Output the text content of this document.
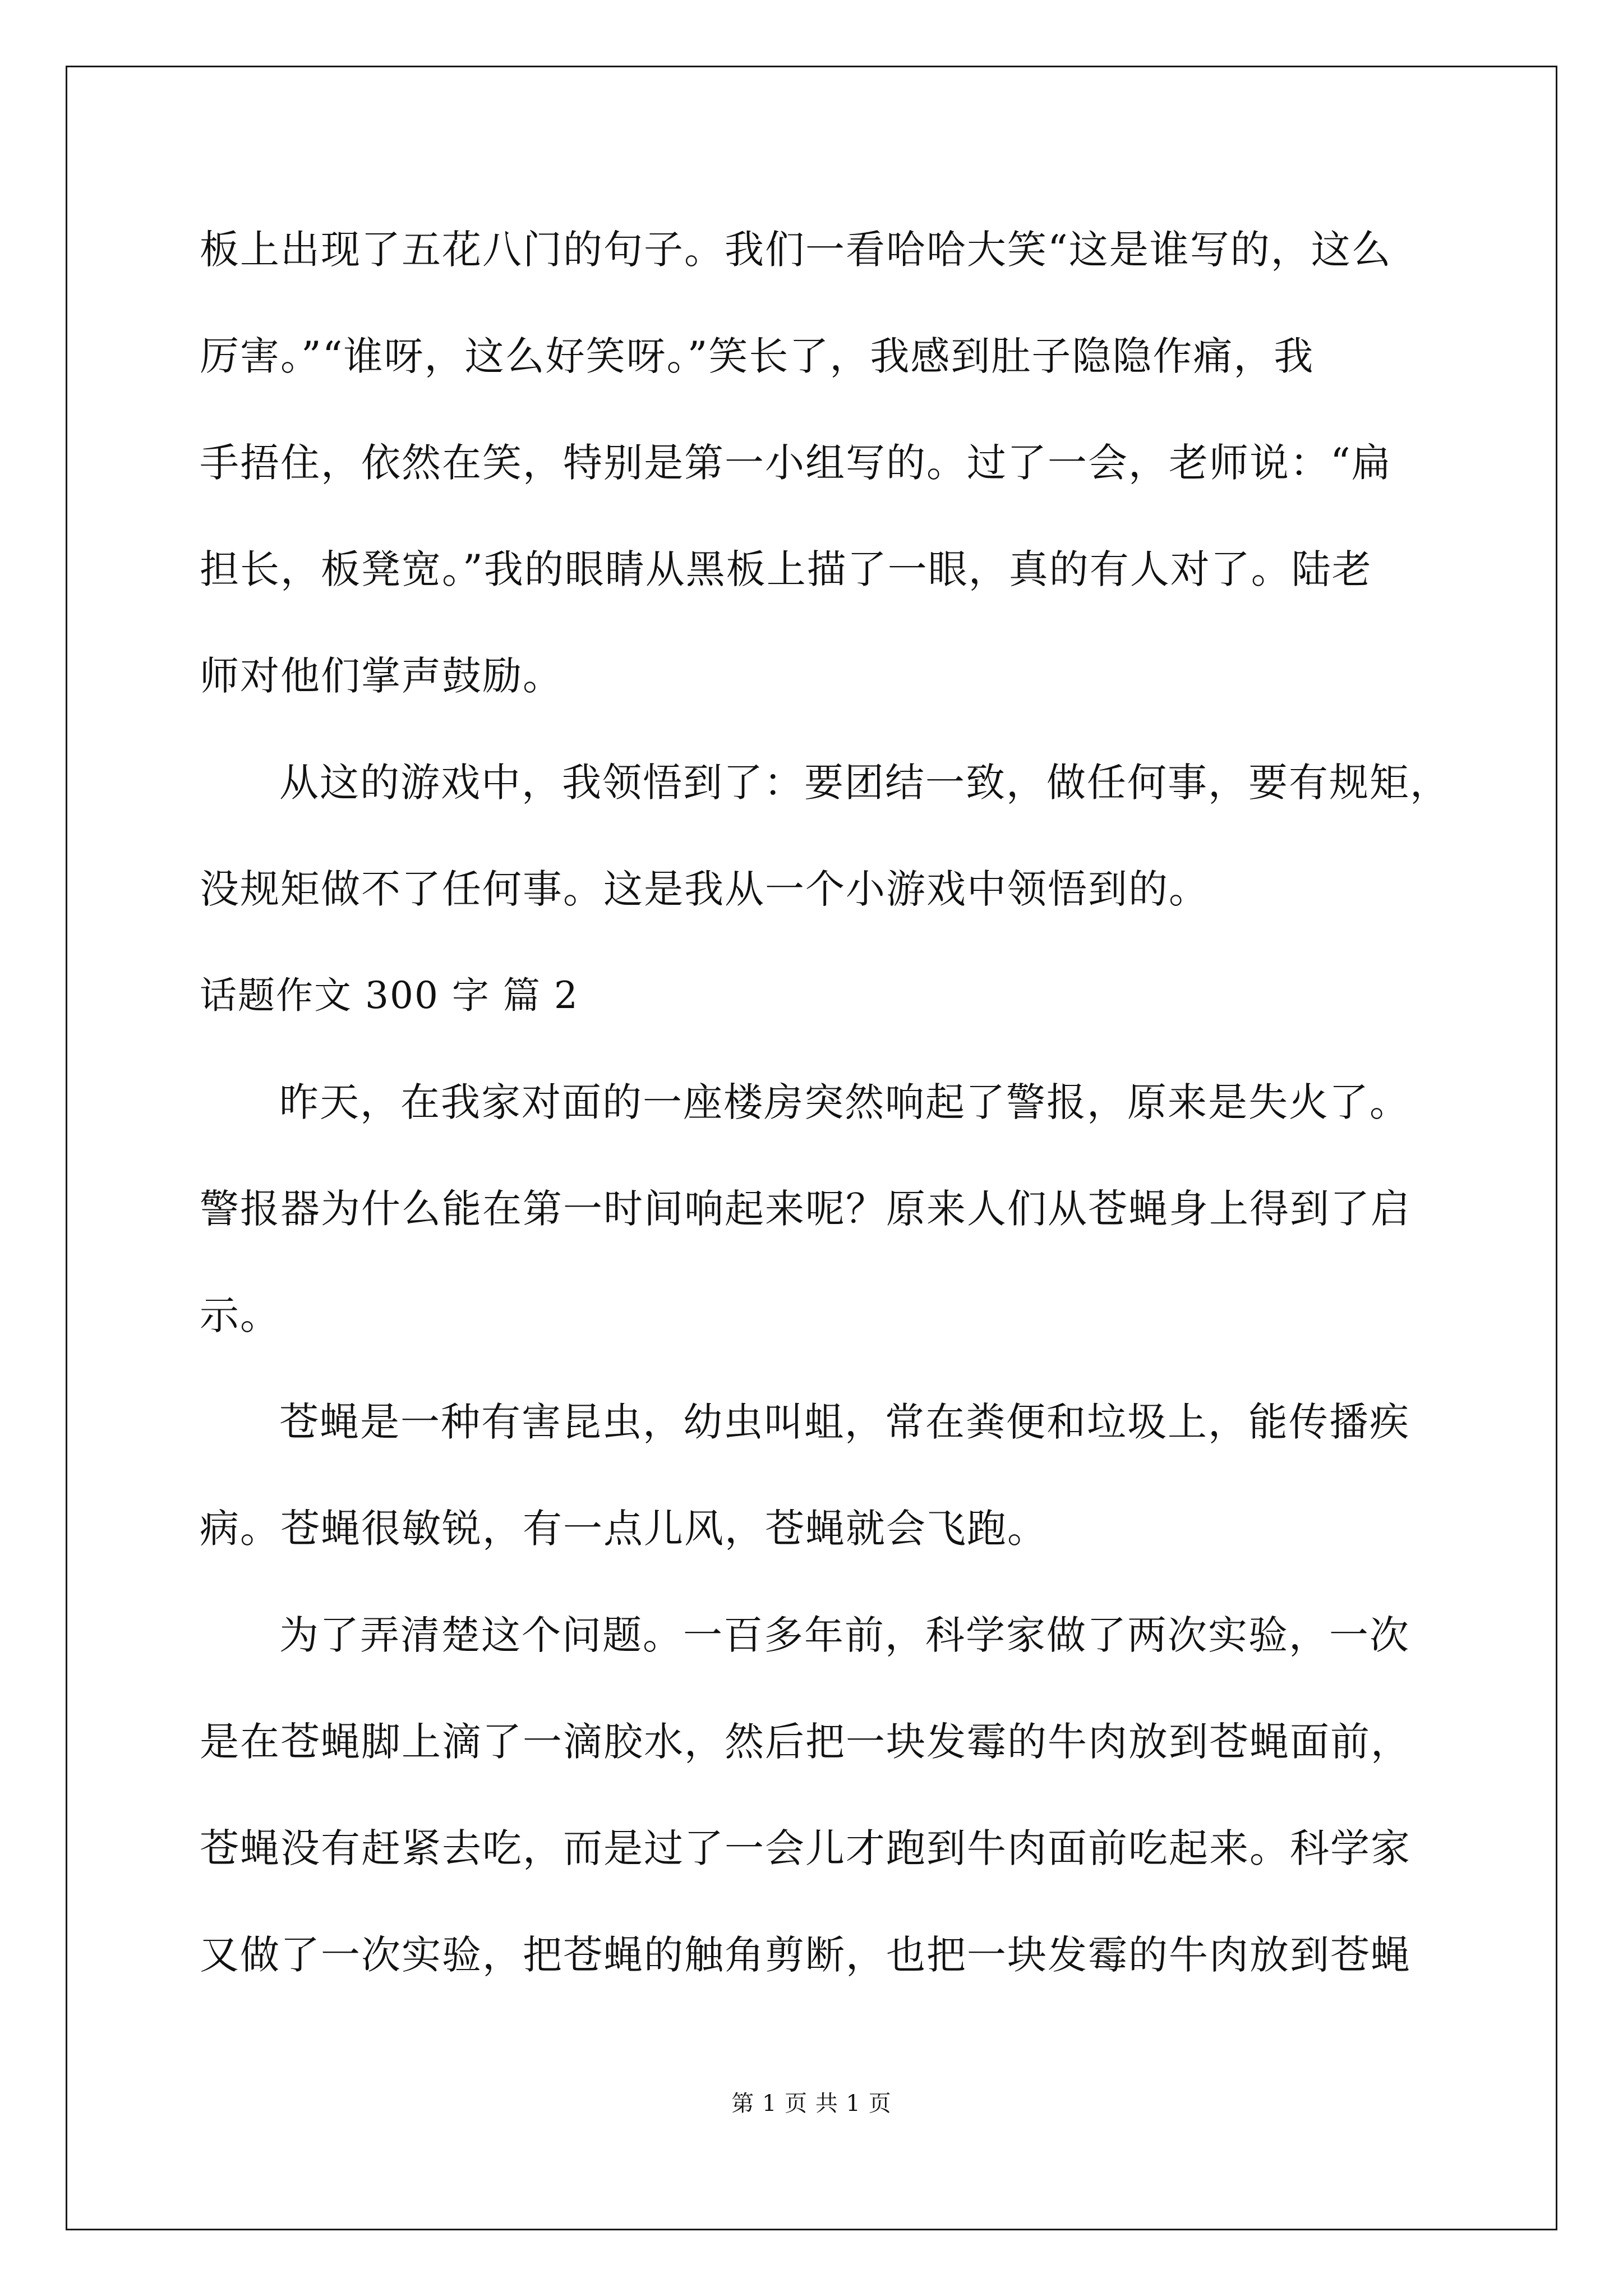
板上出现了五花八门的句子。我们一看哈哈大笑“这是谁写的，这么
厉害。”“谁呀，这么好笑呀。”笑长了，我感到肚子隐隐作痛，我
手捂住，依然在笑，特别是第一小组写的。过了一会，老师说：“扁
担长，板凳宽。”我的眼睛从黑板上描了一眼，真的有人对了。陆老
师对他们掌声鼓励。
从这的游戏中，我领悟到了：要团结一致，做任何事，要有规矩，
没规矩做不了任何事。这是我从一个小游戏中领悟到的。
话题作文 300 字 篇 2
昨天，在我家对面的一座楼房突然响起了警报，原来是失火了。
警报器为什么能在第一时间响起来呢？原来人们从苍蝇身上得到了启
示。
苍蝇是一种有害昆虫，幼虫叫蛆，常在粪便和垃圾上，能传播疾
病。苍蝇很敏锐，有一点儿风，苍蝇就会飞跑。
为了弄清楚这个问题。一百多年前，科学家做了两次实验，一次
是在苍蝇脚上滴了一滴胶水，然后把一块发霉的牛肉放到苍蝇面前，
苍蝇没有赶紧去吃，而是过了一会儿才跑到牛肉面前吃起来。科学家
又做了一次实验，把苍蝇的触角剪断，也把一块发霉的牛肉放到苍蝇
第 1 页 共 1 页
